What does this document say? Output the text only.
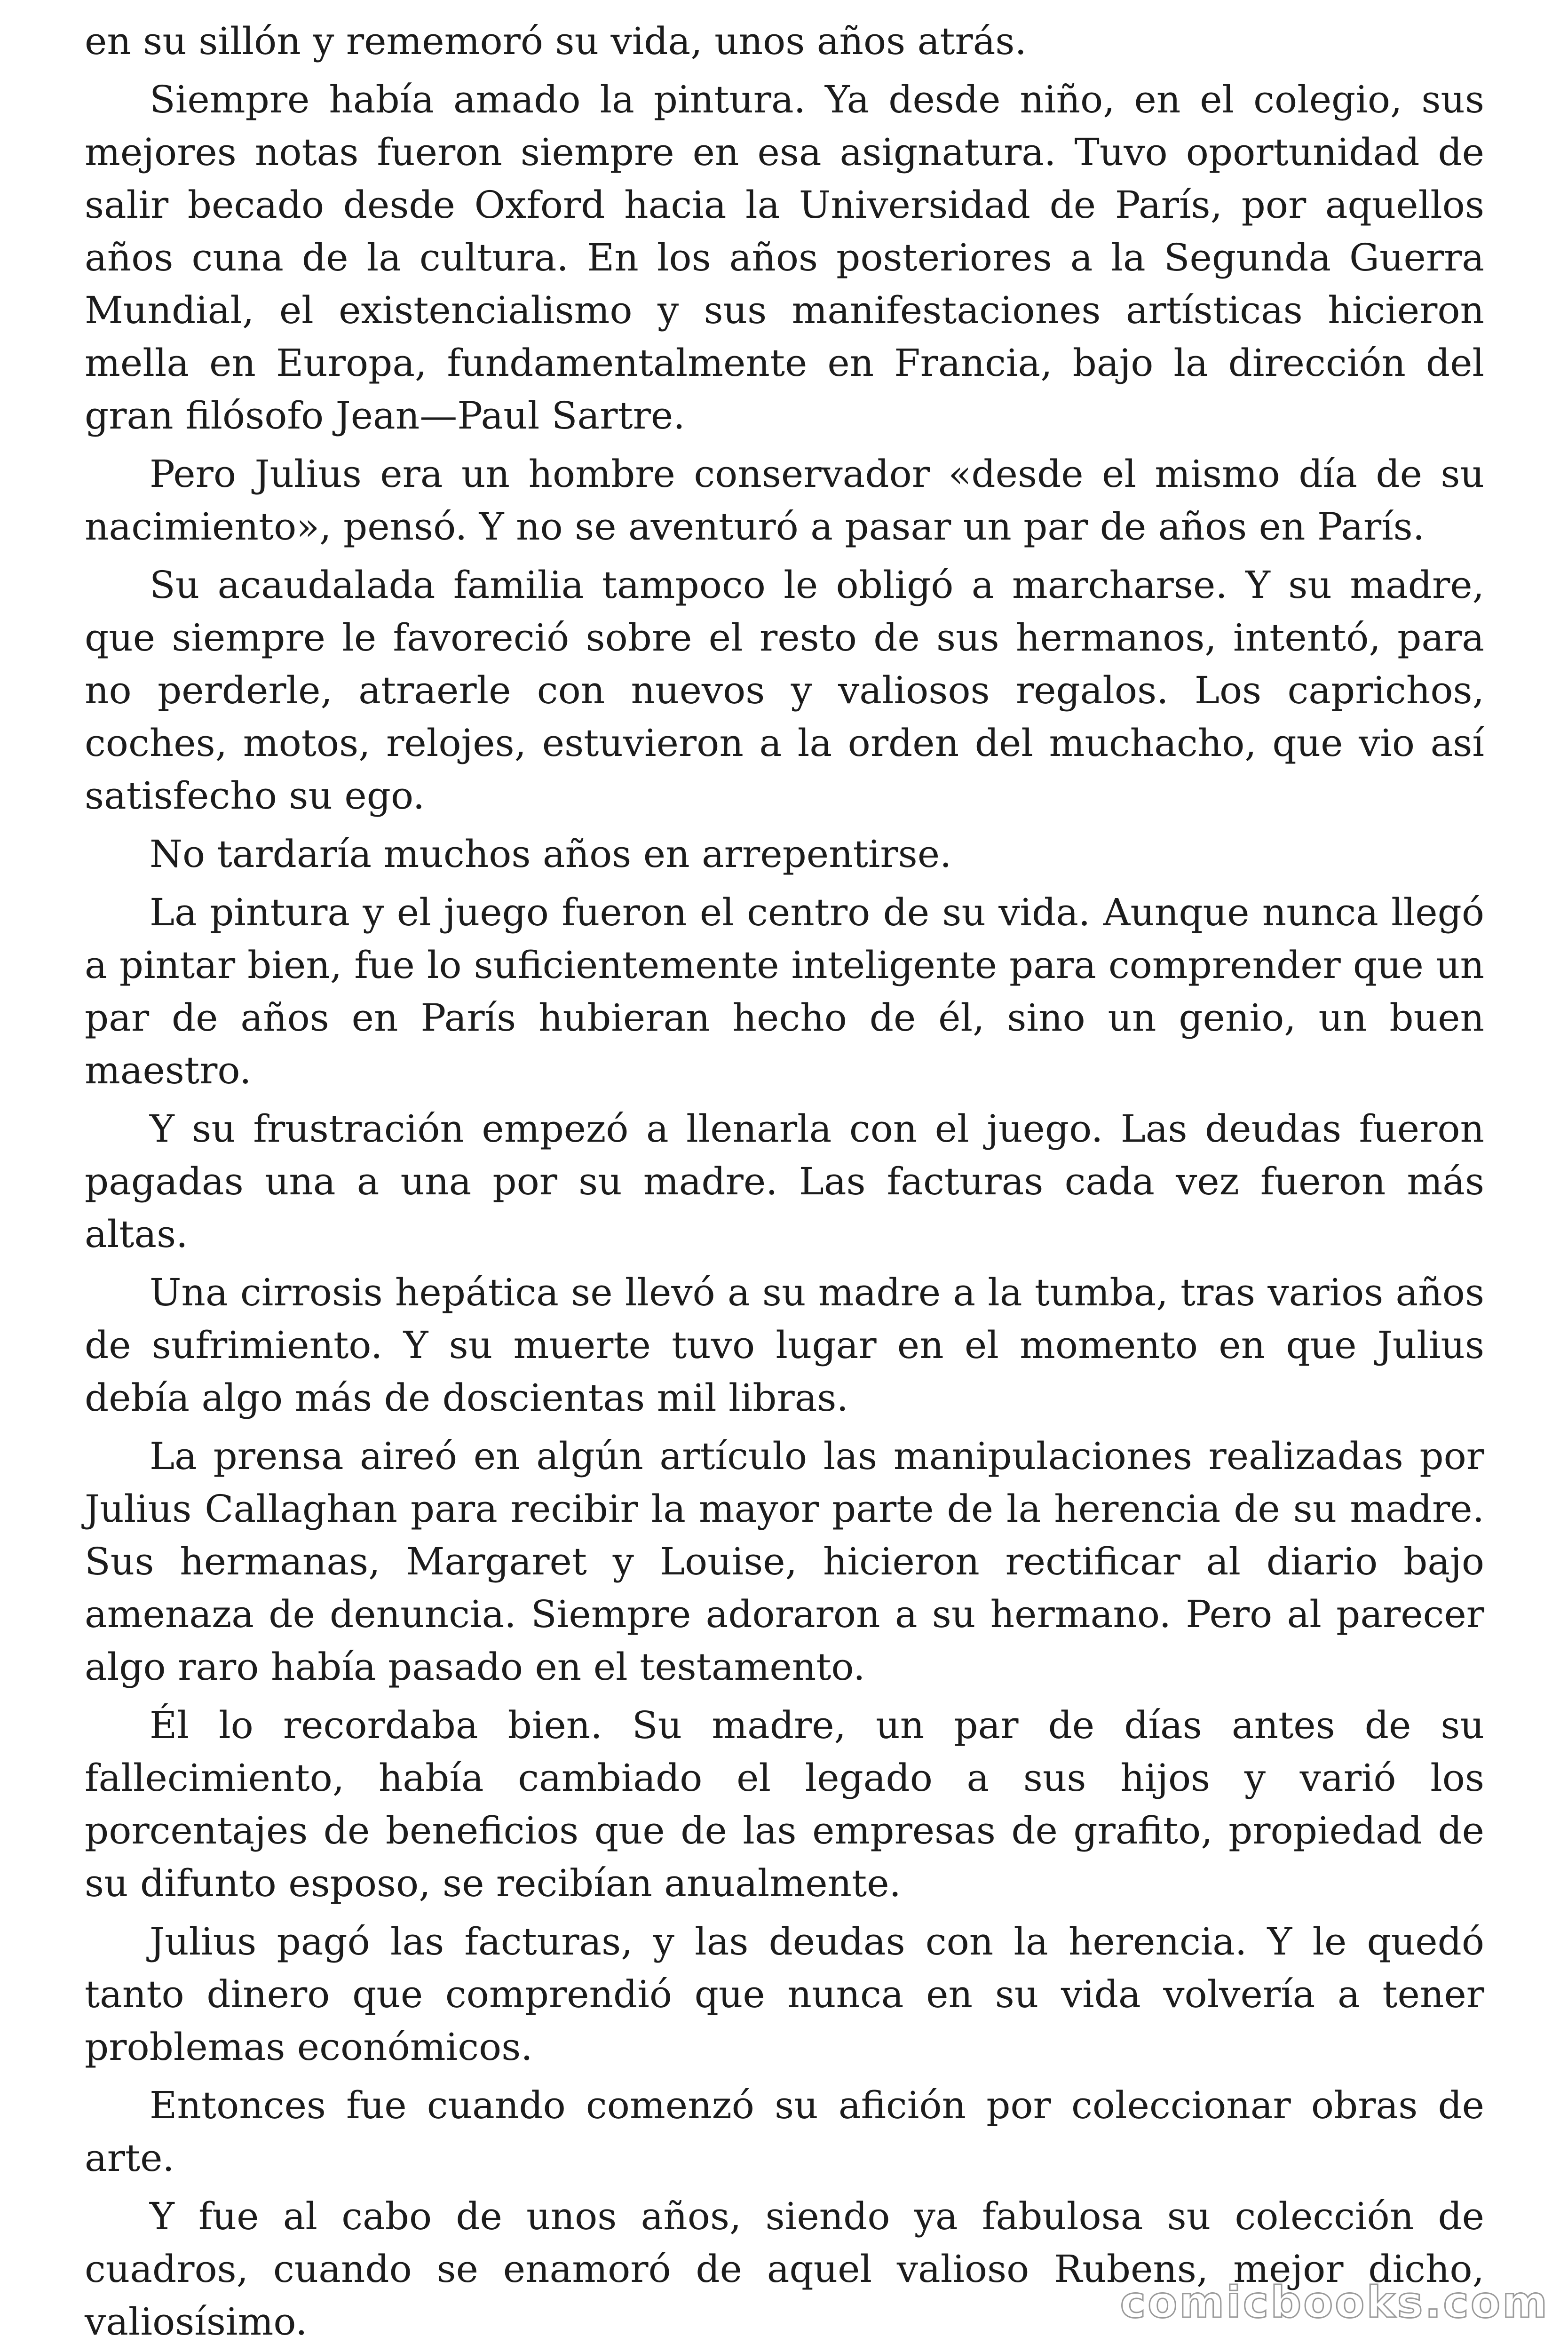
en su sillón y rememoró su vida, unos años atrás.

Siempre había amado la pintura. Ya desde niño, en el colegio, sus mejores notas fueron siempre en esa asignatura. Tuvo oportunidad de salir becado desde Oxford hacia la Universidad de París, por aquellos años cuna de la cultura. En los años posteriores a la Segunda Guerra Mundial, el existencialismo y sus manifestaciones artísticas hicieron mella en Europa, fundamentalmente en Francia, bajo la dirección del gran filósofo Jean—Paul Sartre.

Pero Julius era un hombre conservador «desde el mismo día de su nacimiento», pensó. Y no se aventuró a pasar un par de años en París.

Su acaudalada familia tampoco le obligó a marcharse. Y su madre, que siempre le favoreció sobre el resto de sus hermanos, intentó, para no perderle, atraerle con nuevos y valiosos regalos. Los caprichos, coches, motos, relojes, estuvieron a la orden del muchacho, que vio así satisfecho su ego.

No tardaría muchos años en arrepentirse.

La pintura y el juego fueron el centro de su vida. Aunque nunca llegó a pintar bien, fue lo suficientemente inteligente para comprender que un par de años en París hubieran hecho de él, sino un genio, un buen maestro.

Y su frustración empezó a llenarla con el juego. Las deudas fueron pagadas una a una por su madre. Las facturas cada vez fueron más altas.

Una cirrosis hepática se llevó a su madre a la tumba, tras varios años de sufrimiento. Y su muerte tuvo lugar en el momento en que Julius debía algo más de doscientas mil libras.

La prensa aireó en algún artículo las manipulaciones realizadas por Julius Callaghan para recibir la mayor parte de la herencia de su madre. Sus hermanas, Margaret y Louise, hicieron rectificar al diario bajo amenaza de denuncia. Siempre adoraron a su hermano. Pero al parecer algo raro había pasado en el testamento.

Él lo recordaba bien. Su madre, un par de días antes de su fallecimiento, había cambiado el legado a sus hijos y varió los porcentajes de beneficios que de las empresas de grafito, propiedad de su difunto esposo, se recibían anualmente.

Julius pagó las facturas, y las deudas con la herencia. Y le quedó tanto dinero que comprendió que nunca en su vida volvería a tener problemas económicos.

Entonces fue cuando comenzó su afición por coleccionar obras de arte.

Y fue al cabo de unos años, siendo ya fabulosa su colección de cuadros, cuando se enamoró de aquel valioso Rubens, mejor dicho, valiosísimo.	comicbooks.com
